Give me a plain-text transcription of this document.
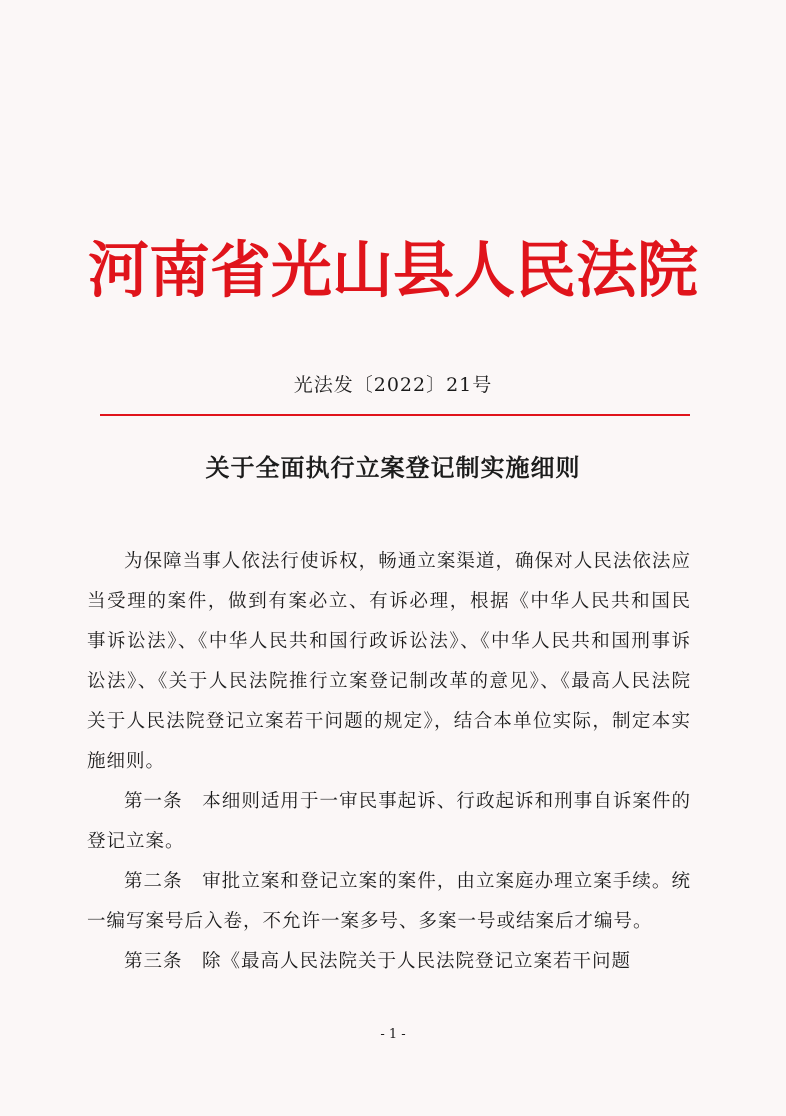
河南省光山县人民法院
光法发〔2022〕21号
关于全面执行立案登记制实施细则

为保障当事人依法行使诉权，畅通立案渠道，确保对人民法依法应当受理的案件，做到有案必立、有诉必理，根据《中华人民共和国民事诉讼法》、《中华人民共和国行政诉讼法》、《中华人民共和国刑事诉讼法》、《关于人民法院推行立案登记制改革的意见》、《最高人民法院关于人民法院登记立案若干问题的规定》，结合本单位实际，制定本实施细则。

第一条　本细则适用于一审民事起诉、行政起诉和刑事自诉案件的登记立案。

第二条　审批立案和登记立案的案件，由立案庭办理立案手续。统一编写案号后入卷，不允许一案多号、多案一号或结案后才编号。

第三条　除《最高人民法院关于人民法院登记立案若干问题

- 1 -
